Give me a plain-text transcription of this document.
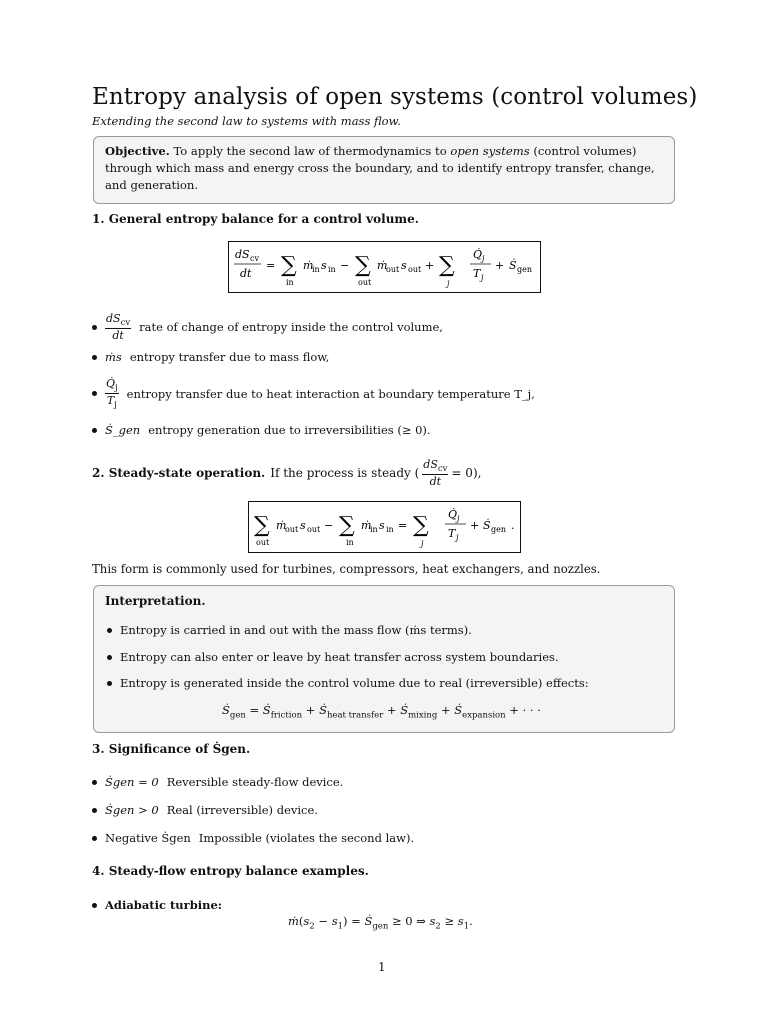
Entropy analysis of open systems (control volumes)
Extending the second law to systems with mass flow.
Objective. To apply the second law of thermodynamics to open systems (control volumes) through which mass and energy cross the boundary, and to identify entropy transfer, change, and generation.
1. General entropy balance for a control volume.
dS cv
dt
= ∑
in
ṁ
in s in − ∑
out
ṁ
out s out + ∑
j
Q̇ j
T j
+ Ṡ gen
$\frac{dS_{cv}}{dt}$ rate of change of entropy inside the control volume,
ṁs entropy transfer due to mass flow,
$\frac{Q̇_j}{T_j}$ entropy transfer due to heat interaction at boundary temperature T_j,
Ṡ_gen entropy generation due to irreversibilities (≥ 0).
2. Steady-state operation. If the process is steady ( $\frac{dS_{cv}}{dt} = 0$),
∑
out
ṁ
out s out − ∑
in
ṁ
in s in = ∑
j
Q̇ j
T j
+ Ṡ gen .
This form is commonly used for turbines, compressors, heat exchangers, and nozzles.
Interpretation.
Entropy is carried in and out with the mass flow (ṁs terms).
Entropy can also enter or leave by heat transfer across system boundaries.
Entropy is generated inside the control volume due to real (irreversible) effects:
Ṡ$_{gen}$ = Ṡ$_{friction}$ + Ṡ$_{heat transfer}$ + Ṡ$_{mixing}$ + Ṡ$_{expansion}$ + · · ·
3. Significance of Ṡgen.
Ṡgen = 0 Reversible steady-flow device.
Ṡgen > 0 Real (irreversible) device.
Negative Ṡgen Impossible (violates the second law).
4. Steady-flow entropy balance examples.
Adiabatic turbine:
$ṁ(s_2 - s_1)$ = Ṡ$_{gen}$ ≥ 0 ⇒ $s_2 \ge s_1$.
1
